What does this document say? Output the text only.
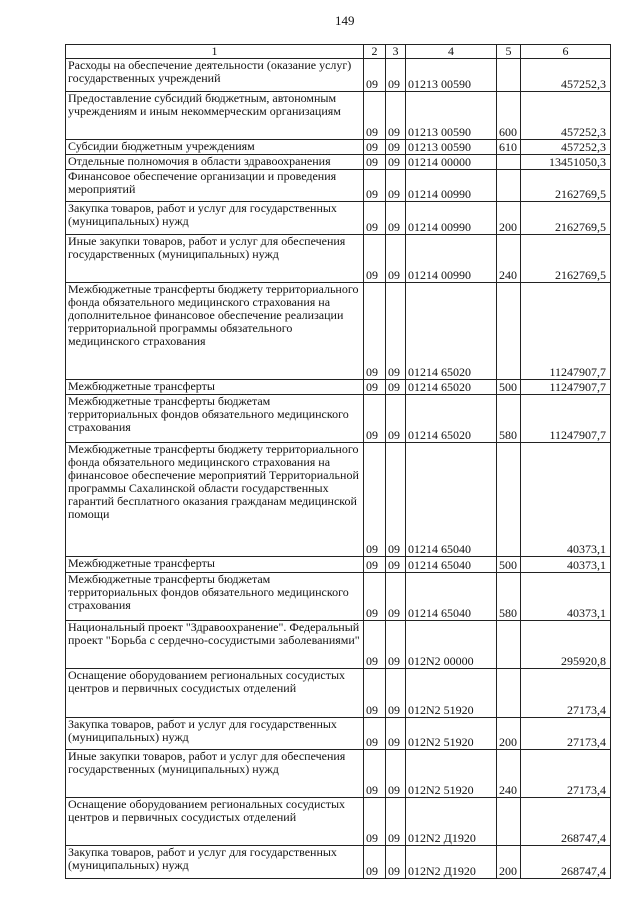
149
1	2	3	4	5	6
Расходы на обеспечение деятельности (оказание услуг) государственных учреждений	09	09	01213 00590		457252,3
Предоставление субсидий бюджетным, автономным учреждениям и иным некоммерческим организациям	09	09	01213 00590	600	457252,3
Субсидии бюджетным учреждениям	09	09	01213 00590	610	457252,3
Отдельные полномочия в области здравоохранения	09	09	01214 00000		13451050,3
Финансовое обеспечение организации и проведения мероприятий	09	09	01214 00990		2162769,5
Закупка товаров, работ и услуг для государственных (муниципальных) нужд	09	09	01214 00990	200	2162769,5
Иные закупки товаров, работ и услуг для обеспечения государственных (муниципальных) нужд	09	09	01214 00990	240	2162769,5
Межбюджетные трансферты бюджету территориального фонда обязательного медицинского страхования на дополнительное финансовое обеспечение реализации территориальной программы обязательного медицинского страхования	09	09	01214 65020		11247907,7
Межбюджетные трансферты	09	09	01214 65020	500	11247907,7
Межбюджетные трансферты бюджетам территориальных фондов обязательного медицинского страхования	09	09	01214 65020	580	11247907,7
Межбюджетные трансферты бюджету территориального фонда обязательного медицинского страхования на финансовое обеспечение мероприятий Территориальной программы Сахалинской области государственных гарантий бесплатного оказания гражданам медицинской помощи	09	09	01214 65040		40373,1
Межбюджетные трансферты	09	09	01214 65040	500	40373,1
Межбюджетные трансферты бюджетам территориальных фондов обязательного медицинского страхования	09	09	01214 65040	580	40373,1
Национальный проект "Здравоохранение". Федеральный проект "Борьба с сердечно-сосудистыми заболеваниями"	09	09	012N2 00000		295920,8
Оснащение оборудованием региональных сосудистых центров и первичных сосудистых отделений	09	09	012N2 51920		27173,4
Закупка товаров, работ и услуг для государственных (муниципальных) нужд	09	09	012N2 51920	200	27173,4
Иные закупки товаров, работ и услуг для обеспечения государственных (муниципальных) нужд	09	09	012N2 51920	240	27173,4
Оснащение оборудованием региональных сосудистых центров и первичных сосудистых отделений	09	09	012N2 Д1920		268747,4
Закупка товаров, работ и услуг для государственных (муниципальных) нужд	09	09	012N2 Д1920	200	268747,4
